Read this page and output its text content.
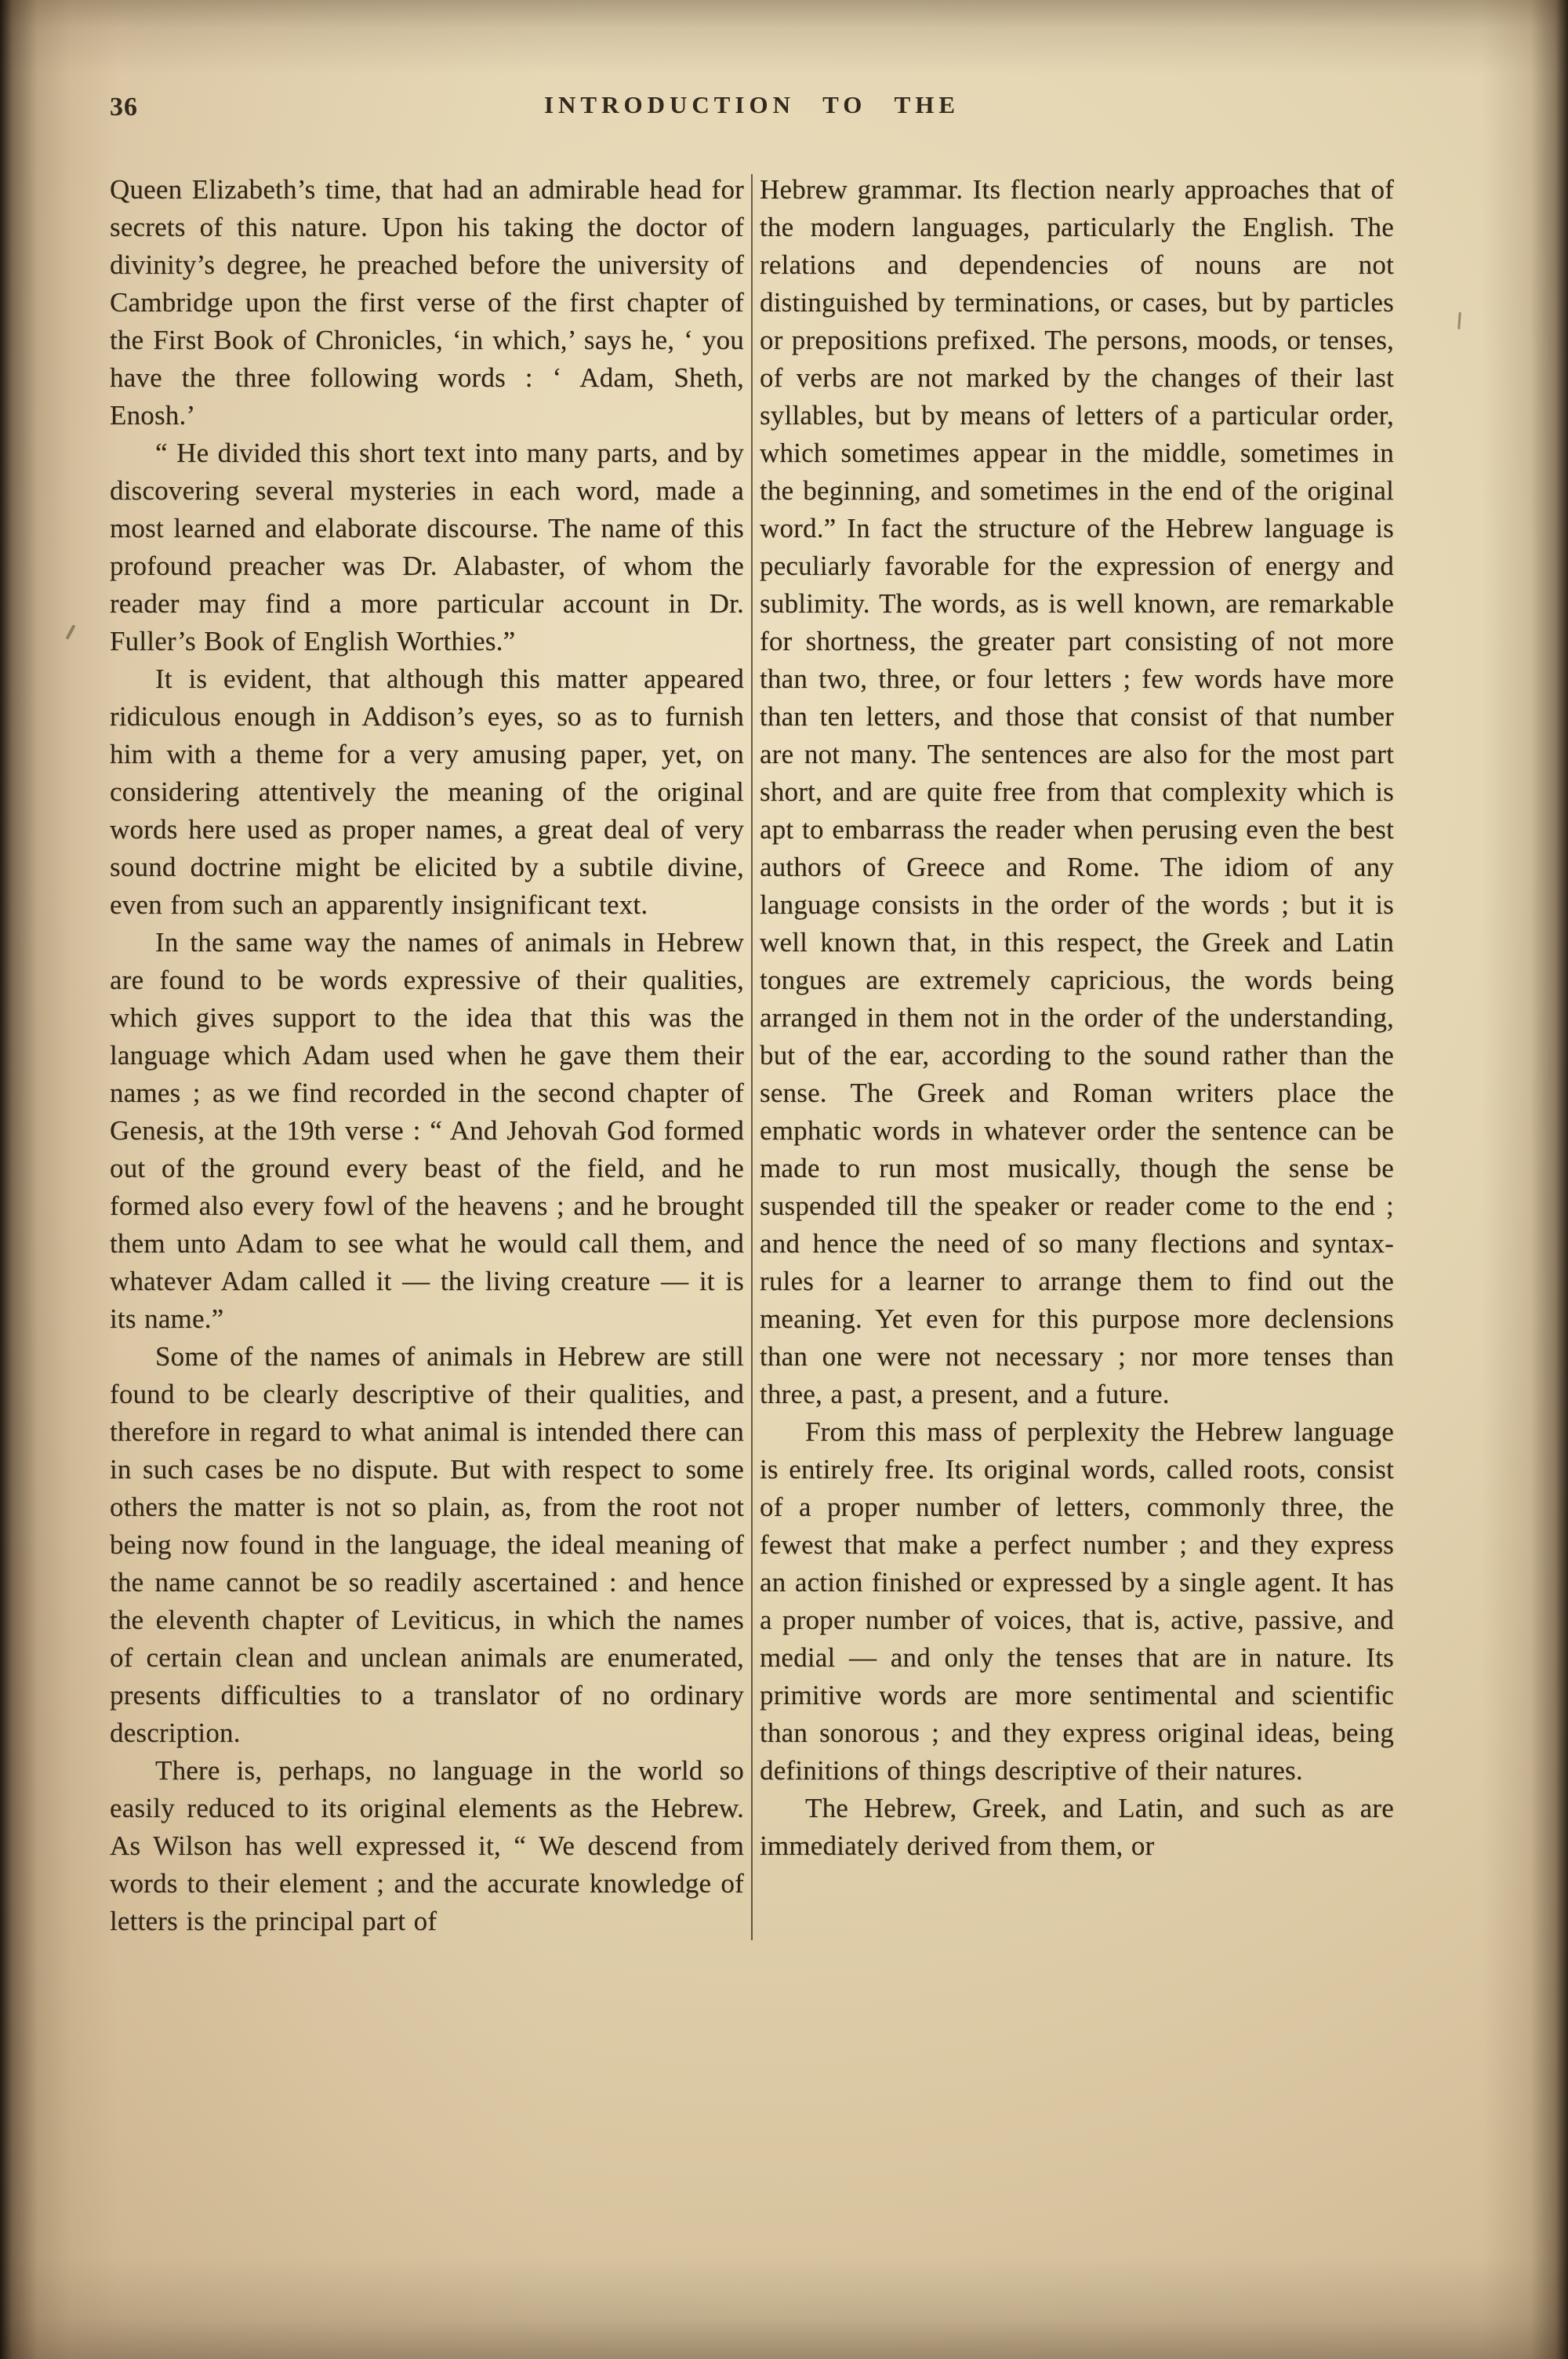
36	INTRODUCTION TO THE

Queen Elizabeth’s time, that had an admirable head for secrets of this nature. Upon his taking the doctor of divinity’s degree, he preached before the university of Cambridge upon the first verse of the first chapter of the First Book of Chronicles, ‘in which,’ says he, ‘ you have the three following words : ‘ Adam, Sheth, Enosh.’

“ He divided this short text into many parts, and by discovering several mysteries in each word, made a most learned and elaborate discourse. The name of this profound preacher was Dr. Alabaster, of whom the reader may find a more particular account in Dr. Fuller’s Book of English Worthies.”

It is evident, that although this matter appeared ridiculous enough in Addison’s eyes, so as to furnish him with a theme for a very amusing paper, yet, on considering attentively the meaning of the original words here used as proper names, a great deal of very sound doctrine might be elicited by a subtile divine, even from such an apparently insignificant text.

In the same way the names of animals in Hebrew are found to be words expressive of their qualities, which gives support to the idea that this was the language which Adam used when he gave them their names ; as we find recorded in the second chapter of Genesis, at the 19th verse : “ And Jehovah God formed out of the ground every beast of the field, and he formed also every fowl of the heavens ; and he brought them unto Adam to see what he would call them, and whatever Adam called it — the living creature — it is its name.”

Some of the names of animals in Hebrew are still found to be clearly descriptive of their qualities, and therefore in regard to what animal is intended there can in such cases be no dispute. But with respect to some others the matter is not so plain, as, from the root not being now found in the language, the ideal meaning of the name cannot be so readily ascertained : and hence the eleventh chapter of Leviticus, in which the names of certain clean and unclean animals are enumerated, presents difficulties to a translator of no ordinary description.

There is, perhaps, no language in the world so easily reduced to its original elements as the Hebrew. As Wilson has well expressed it, “ We descend from words to their element ; and the accurate knowledge of letters is the principal part of

Hebrew grammar. Its flection nearly approaches that of the modern languages, particularly the English. The relations and dependencies of nouns are not distinguished by terminations, or cases, but by particles or prepositions prefixed. The persons, moods, or tenses, of verbs are not marked by the changes of their last syllables, but by means of letters of a particular order, which sometimes appear in the middle, sometimes in the beginning, and sometimes in the end of the original word.” In fact the structure of the Hebrew language is peculiarly favorable for the expression of energy and sublimity. The words, as is well known, are remarkable for shortness, the greater part consisting of not more than two, three, or four letters ; few words have more than ten letters, and those that consist of that number are not many. The sentences are also for the most part short, and are quite free from that complexity which is apt to embarrass the reader when perusing even the best authors of Greece and Rome. The idiom of any language consists in the order of the words ; but it is well known that, in this respect, the Greek and Latin tongues are extremely capricious, the words being arranged in them not in the order of the understanding, but of the ear, according to the sound rather than the sense. The Greek and Roman writers place the emphatic words in whatever order the sentence can be made to run most musically, though the sense be suspended till the speaker or reader come to the end ; and hence the need of so many flections and syntax-rules for a learner to arrange them to find out the meaning. Yet even for this purpose more declensions than one were not necessary ; nor more tenses than three, a past, a present, and a future.

From this mass of perplexity the Hebrew language is entirely free. Its original words, called roots, consist of a proper number of letters, commonly three, the fewest that make a perfect number ; and they express an action finished or expressed by a single agent. It has a proper number of voices, that is, active, passive, and medial — and only the tenses that are in nature. Its primitive words are more sentimental and scientific than sonorous ; and they express original ideas, being definitions of things descriptive of their natures.

The Hebrew, Greek, and Latin, and such as are immediately derived from them, or
